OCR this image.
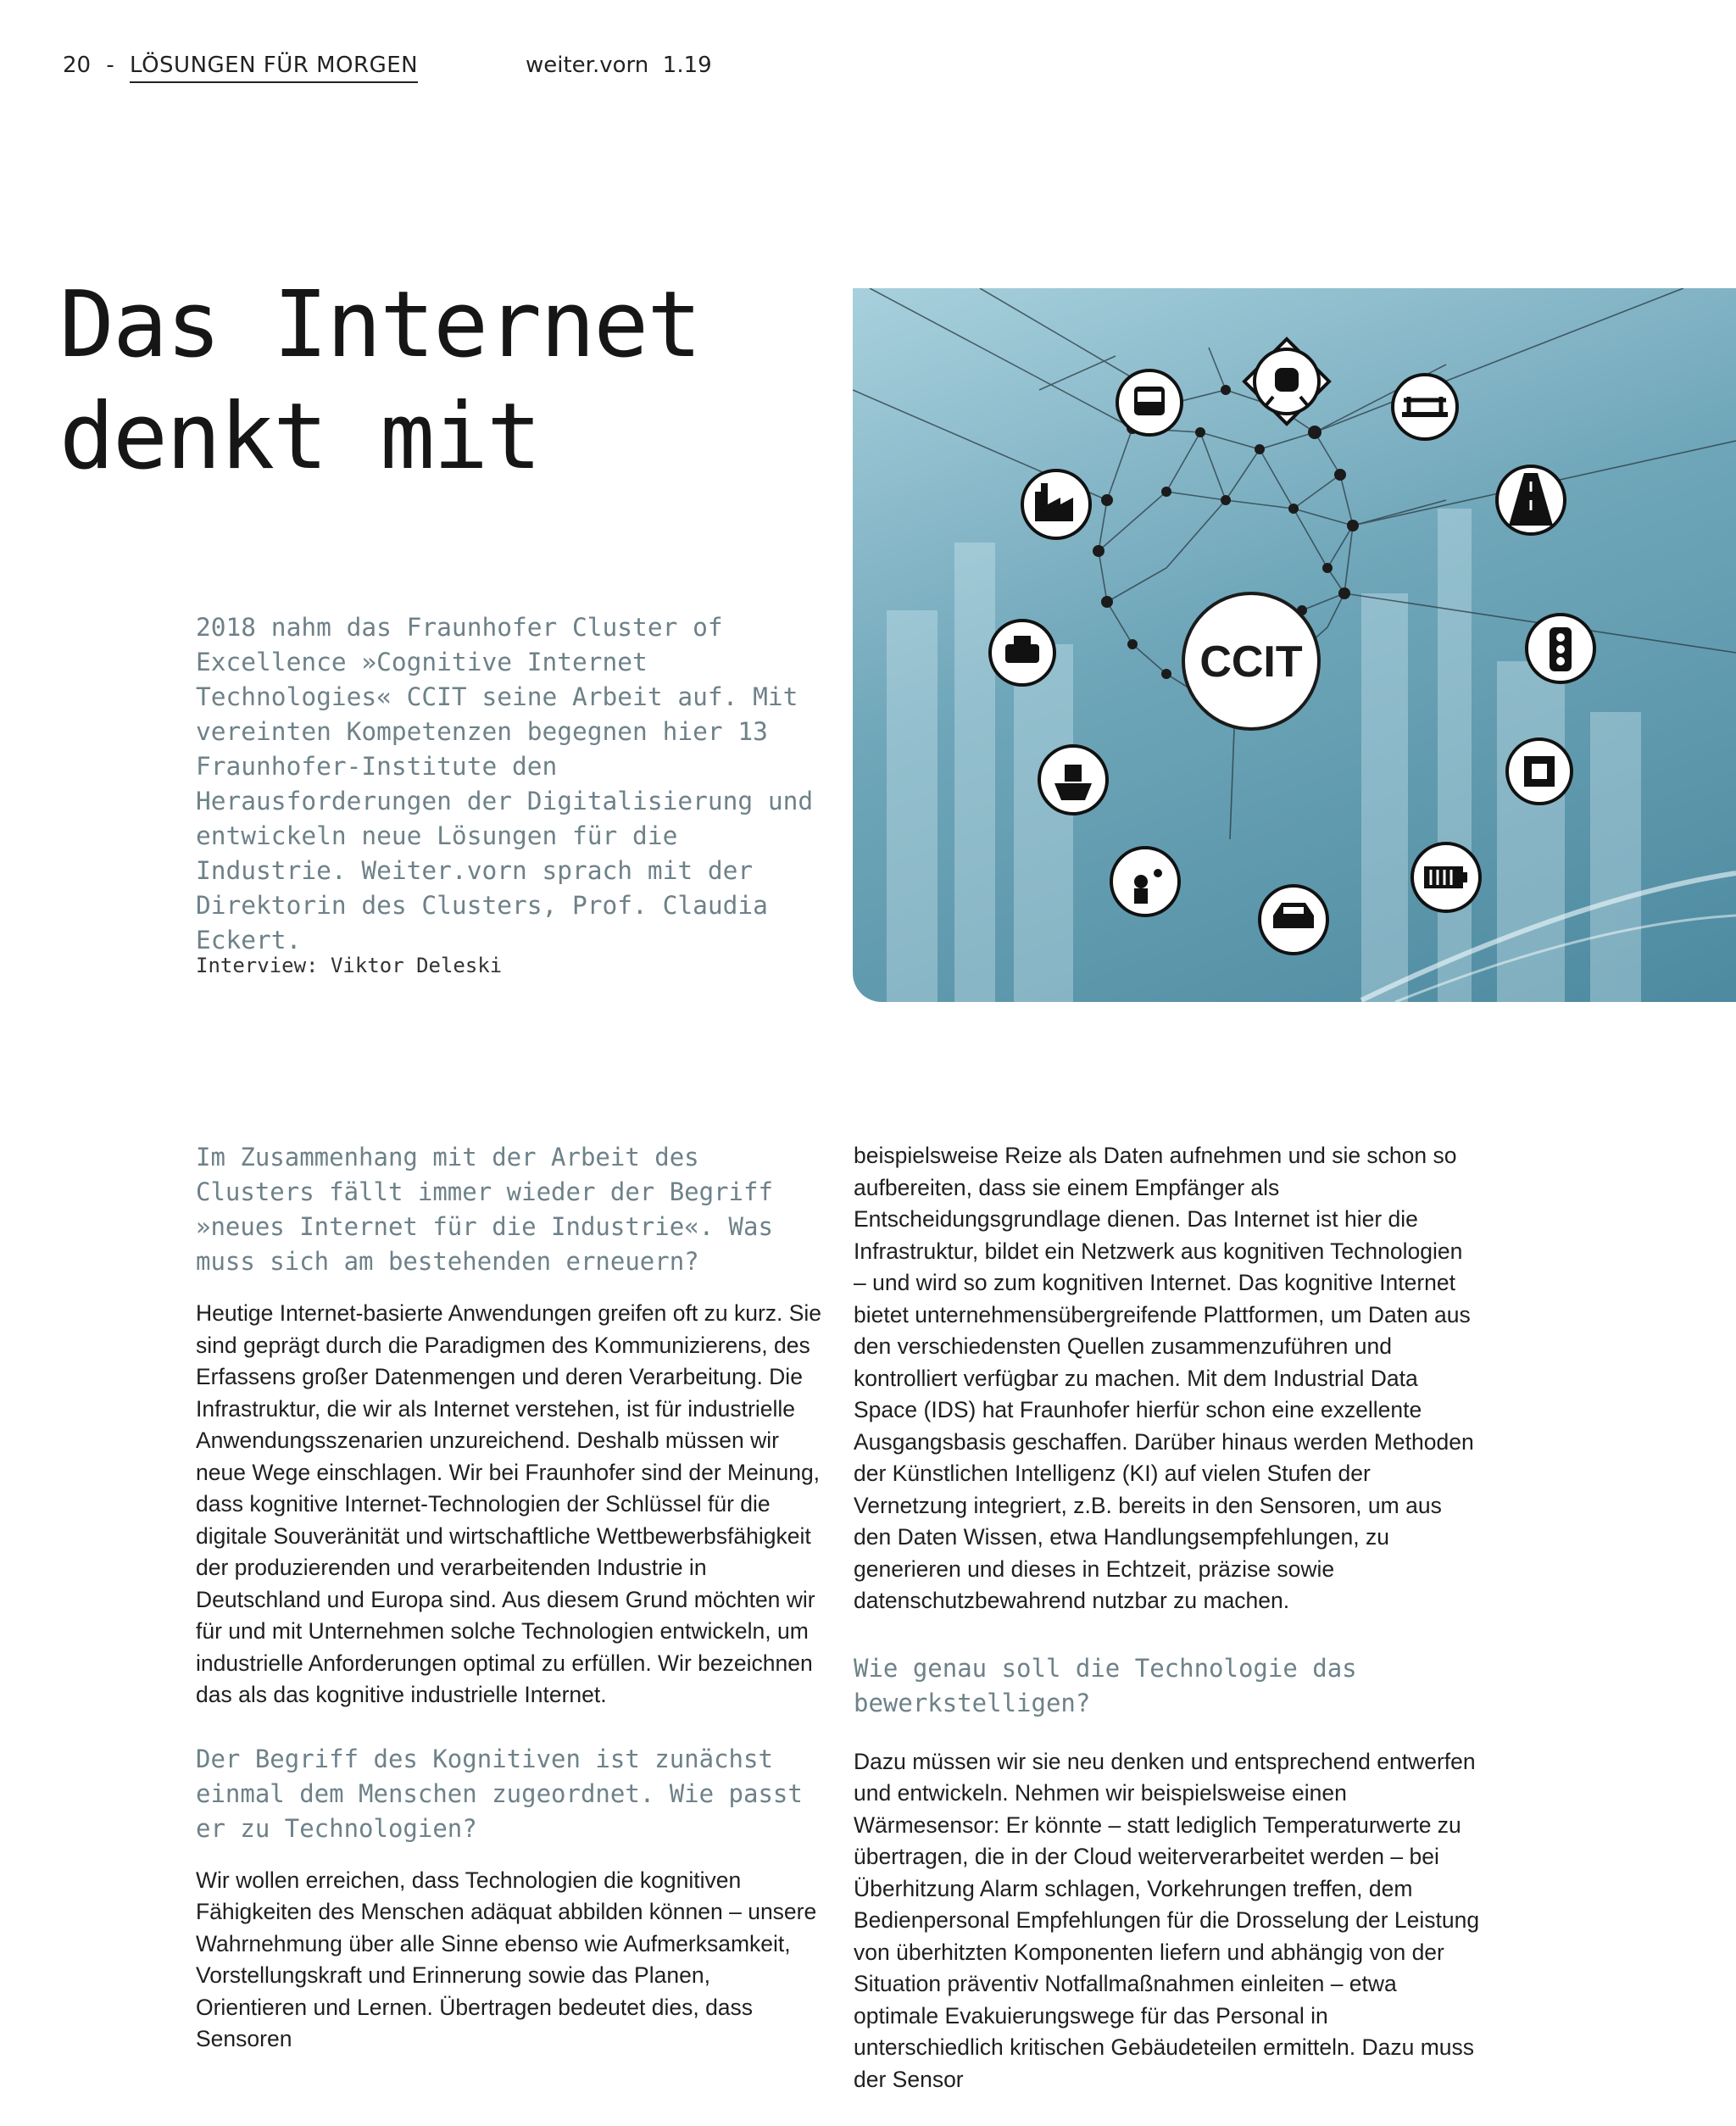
20 - LÖSUNGEN FÜR MORGEN	weiter.vorn  1.19
Das Internet
denkt mit

2018 nahm das Fraunhofer Cluster of Excellence »Cognitive Internet Technologies« CCIT seine Arbeit auf. Mit vereinten Kompetenzen begegnen hier 13 Fraunhofer-Institute den Herausforderungen der Digitalisierung und entwickeln neue Lösungen für die Industrie. Weiter.vorn sprach mit der Direktorin des Clusters, Prof. Claudia Eckert.

Interview: Viktor Deleski
CCIT

Im Zusammenhang mit der Arbeit des Clusters fällt immer wieder der Begriff »neues Internet für die Industrie«. Was muss sich am bestehenden erneuern?

Heutige Internet-basierte Anwendungen greifen oft zu kurz. Sie sind geprägt durch die Paradigmen des Kommunizierens, des Erfassens großer Datenmengen und deren Verarbeitung. Die Infrastruktur, die wir als Internet verstehen, ist für industrielle Anwendungsszenarien unzureichend. Deshalb müssen wir neue Wege einschlagen. Wir bei Fraunhofer sind der Meinung, dass kognitive Internet-Technologien der Schlüssel für die digitale Souveränität und wirtschaftliche Wettbewerbsfähigkeit der produzierenden und verarbeitenden Industrie in Deutschland und Europa sind. Aus diesem Grund möchten wir für und mit Unternehmen solche Technologien entwickeln, um industrielle Anforderungen optimal zu erfüllen. Wir bezeichnen das als das kognitive industrielle Internet.

Der Begriff des Kognitiven ist zunächst einmal dem Menschen zugeordnet. Wie passt er zu Technologien?

Wir wollen erreichen, dass Technologien die kognitiven Fähigkeiten des Menschen adäquat abbilden können – unsere Wahrnehmung über alle Sinne ebenso wie Aufmerksamkeit, Vorstellungskraft und Erinnerung sowie das Planen, Orientieren und Lernen. Übertragen bedeutet dies, dass Sensoren

beispielsweise Reize als Daten aufnehmen und sie schon so aufbereiten, dass sie einem Empfänger als Entscheidungsgrundlage dienen. Das Internet ist hier die Infrastruktur, bildet ein Netzwerk aus kognitiven Technologien – und wird so zum kognitiven Internet. Das kognitive Internet bietet unternehmensübergreifende Plattformen, um Daten aus den verschiedensten Quellen zusammenzuführen und kontrolliert verfügbar zu machen. Mit dem Industrial Data Space (IDS) hat Fraunhofer hierfür schon eine exzellente Ausgangsbasis geschaffen. Darüber hinaus werden Methoden der Künstlichen Intelligenz (KI) auf vielen Stufen der Vernetzung integriert, z.B. bereits in den Sensoren, um aus den Daten Wissen, etwa Handlungsempfehlungen, zu generieren und dieses in Echtzeit, präzise sowie datenschutzbewahrend nutzbar zu machen.

Wie genau soll die Technologie das bewerkstelligen?

Dazu müssen wir sie neu denken und entsprechend entwerfen und entwickeln. Nehmen wir beispielsweise einen Wärmesensor: Er könnte – statt lediglich Temperaturwerte zu übertragen, die in der Cloud weiterverarbeitet werden – bei Überhitzung Alarm schlagen, Vorkehrungen treffen, dem Bedienpersonal Empfehlungen für die Drosselung der Leistung von überhitzten Komponenten liefern und abhängig von der Situation präventiv Notfallmaßnahmen einleiten – etwa optimale Evakuierungswege für das Personal in unterschiedlich kritischen Gebäudeteilen ermitteln. Dazu muss der Sensor
